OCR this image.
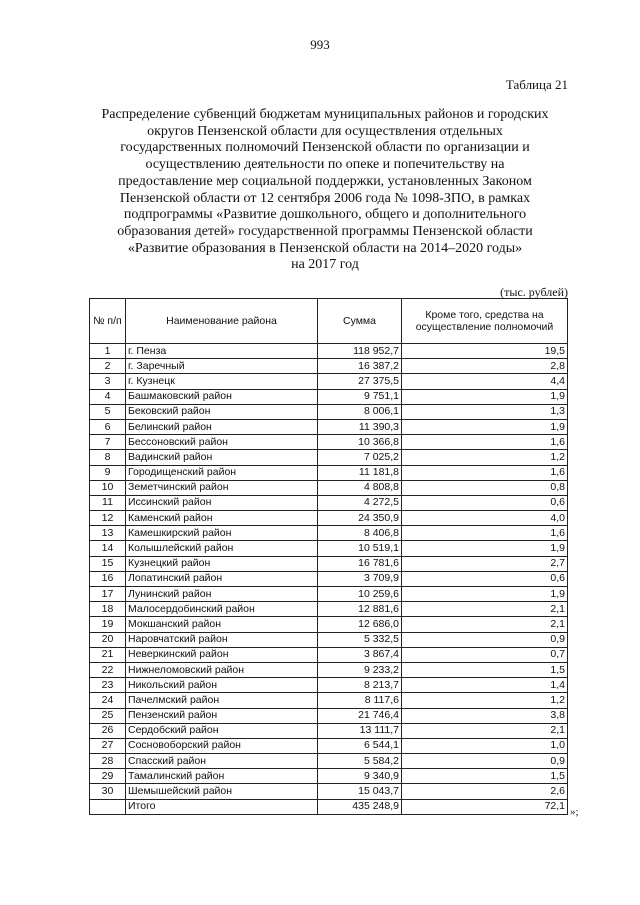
993
Таблица 21
Распределение субвенций бюджетам муниципальных районов и городских
округов Пензенской области для осуществления отдельных
государственных полномочий Пензенской области по организации и
осуществлению деятельности по опеке и попечительству на
предоставление мер социальной поддержки, установленных Законом
Пензенской области от 12 сентября 2006 года № 1098-ЗПО, в рамках
подпрограммы «Развитие дошкольного, общего и дополнительного
образования детей» государственной программы Пензенской области
«Развитие образования в Пензенской области на 2014–2020 годы»
на 2017 год
(тыс. рублей)
№ п/п	Наименование района	Сумма	Кроме того, средства на осуществление полномочий
1	г. Пенза	118 952,7	19,5
2	г. Заречный	16 387,2	2,8
3	г. Кузнецк	27 375,5	4,4
4	Башмаковский район	9 751,1	1,9
5	Бековский район	8 006,1	1,3
6	Белинский район	11 390,3	1,9
7	Бессоновский район	10 366,8	1,6
8	Вадинский район	7 025,2	1,2
9	Городищенский район	11 181,8	1,6
10	Земетчинский район	4 808,8	0,8
11	Иссинский район	4 272,5	0,6
12	Каменский район	24 350,9	4,0
13	Камешкирский район	8 406,8	1,6
14	Колышлейский район	10 519,1	1,9
15	Кузнецкий район	16 781,6	2,7
16	Лопатинский район	3 709,9	0,6
17	Лунинский район	10 259,6	1,9
18	Малосердобинский район	12 881,6	2,1
19	Мокшанский район	12 686,0	2,1
20	Наровчатский район	5 332,5	0,9
21	Неверкинский район	3 867,4	0,7
22	Нижнеломовский район	9 233,2	1,5
23	Никольский район	8 213,7	1,4
24	Пачелмский район	8 117,6	1,2
25	Пензенский район	21 746,4	3,8
26	Сердобский район	13 111,7	2,1
27	Сосновоборский район	6 544,1	1,0
28	Спасский район	5 584,2	0,9
29	Тамалинский район	9 340,9	1,5
30	Шемышейский район	15 043,7	2,6
	Итого	435 248,9	72,1 »;
